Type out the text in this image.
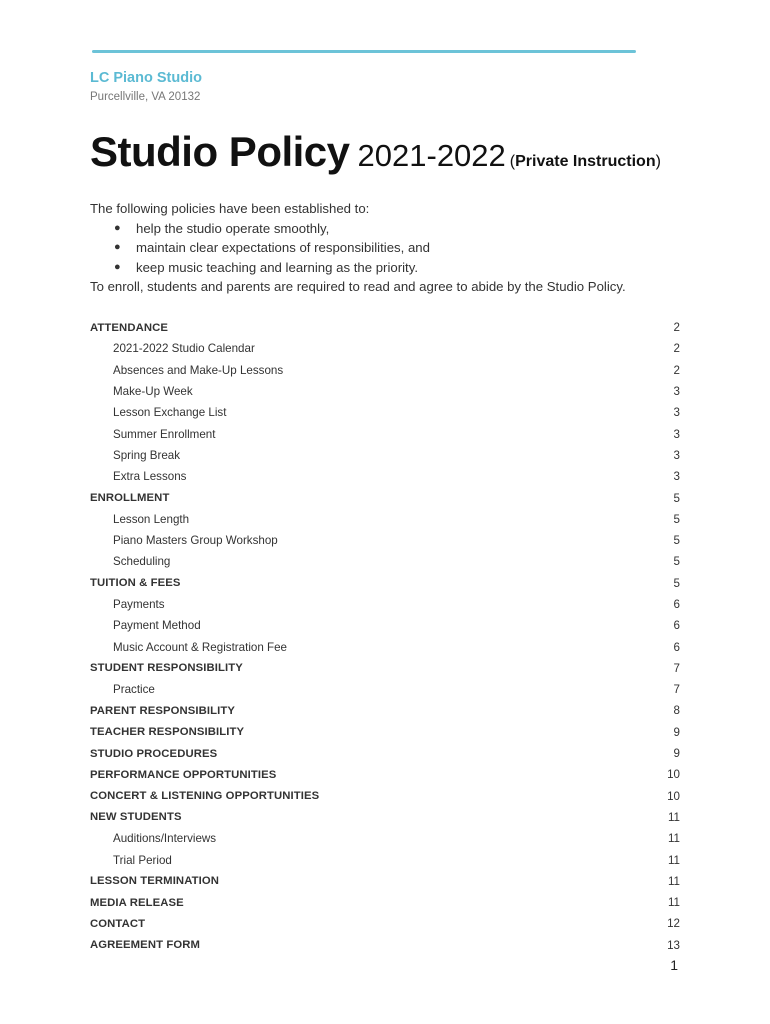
LC Piano Studio
Purcellville, VA 20132
Studio Policy 2021-2022 (Private Instruction)
The following policies have been established to:
● help the studio operate smoothly,
● maintain clear expectations of responsibilities, and
● keep music teaching and learning as the priority.
To enroll, students and parents are required to read and agree to abide by the Studio Policy.
ATTENDANCE	2
2021-2022 Studio Calendar	2
Absences and Make-Up Lessons	2
Make-Up Week	3
Lesson Exchange List	3
Summer Enrollment	3
Spring Break	3
Extra Lessons	3
ENROLLMENT	5
Lesson Length	5
Piano Masters Group Workshop	5
Scheduling	5
TUITION & FEES	5
Payments	6
Payment Method	6
Music Account & Registration Fee	6
STUDENT RESPONSIBILITY	7
Practice	7
PARENT RESPONSIBILITY	8
TEACHER RESPONSIBILITY	9
STUDIO PROCEDURES	9
PERFORMANCE OPPORTUNITIES	10
CONCERT & LISTENING OPPORTUNITIES	10
NEW STUDENTS	11
Auditions/Interviews	11
Trial Period	11
LESSON TERMINATION	11
MEDIA RELEASE	11
CONTACT	12
AGREEMENT FORM	13
1
